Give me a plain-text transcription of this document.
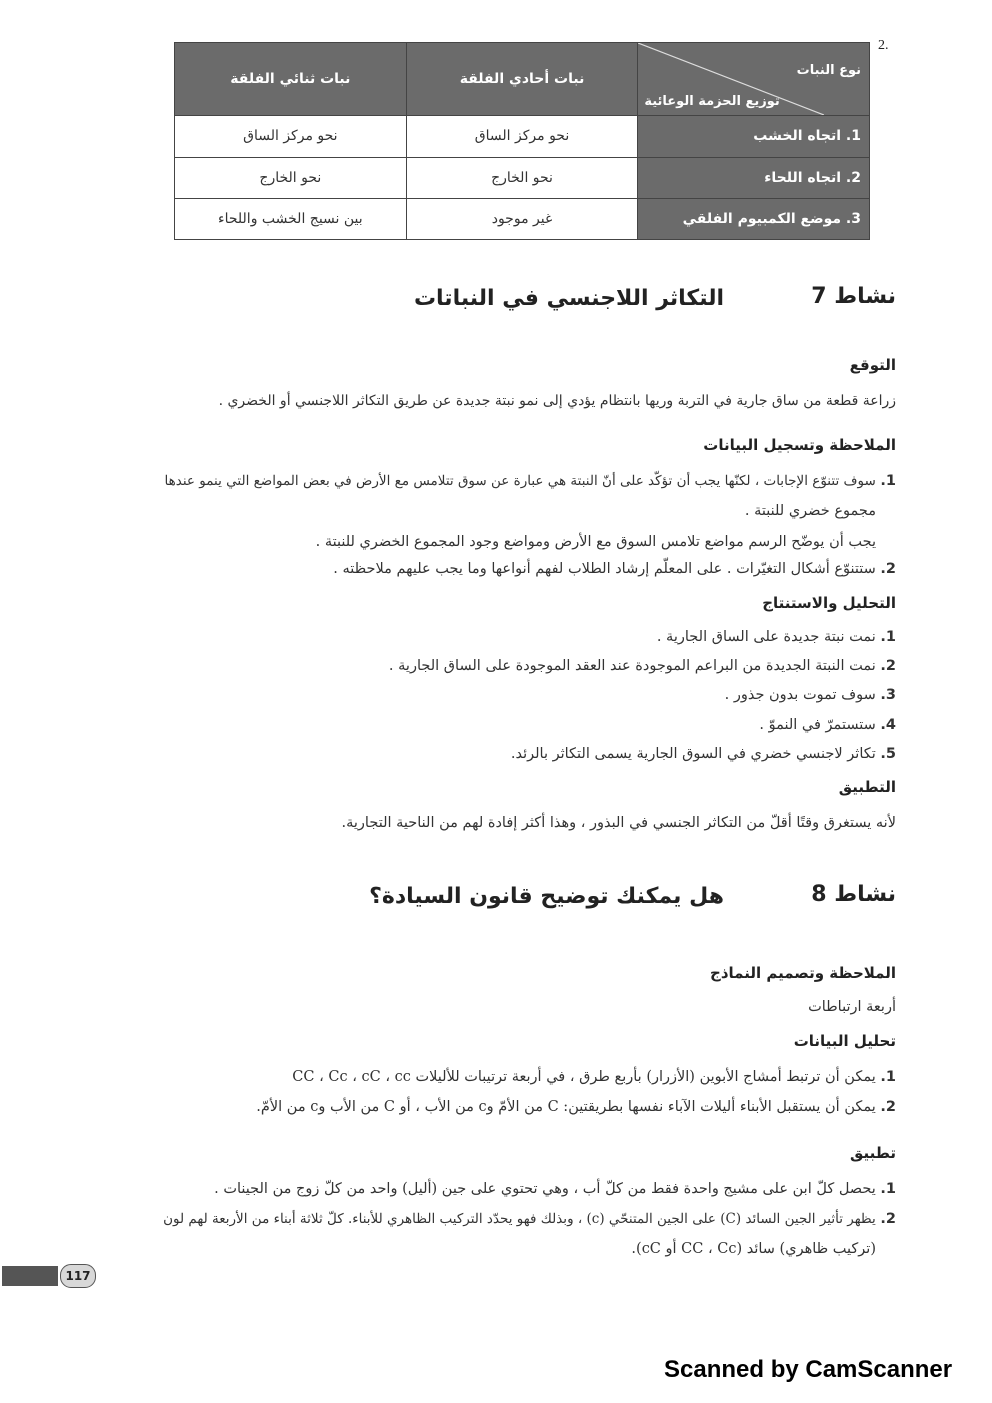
2.
نوع النبات
توزيع الحزمة الوعائية	نبات أحادي الفلقة	نبات ثنائي الفلقة
1. اتجاه الخشب	نحو مركز الساق	نحو مركز الساق
2. اتجاه اللحاء	نحو الخارج	نحو الخارج
3. موضع الكمبيوم الفلقي	غير موجود	بين نسيج الخشب واللحاء
نشاط 7
التكاثر اللاجنسي في النباتات
التوقع
زراعة قطعة من ساق جارية في التربة وريها بانتظام يؤدي إلى نمو نبتة جديدة عن طريق التكاثر اللاجنسي أو الخضري .
الملاحظة وتسجيل البيانات
1. سوف تتنوّع الإجابات ، لكنّها يجب أن تؤكّد على أنّ النبتة هي عبارة عن سوق تتلامس مع الأرض في بعض المواضع التي ينمو عندها
مجموع خضري للنبتة .
يجب أن يوضّح الرسم مواضع تلامس السوق مع الأرض ومواضع وجود المجموع الخضري للنبتة .
2. ستتنوّع أشكال التغيّرات . على المعلّم إرشاد الطلاب لفهم أنواعها وما يجب عليهم ملاحظته .
التحليل والاستنتاج
1. نمت نبتة جديدة على الساق الجارية .
2. نمت النبتة الجديدة من البراعم الموجودة عند العقد الموجودة على الساق الجارية .
3. سوف تموت بدون جذور .
4. ستستمرّ في النموّ .
5. تكاثر لاجنسي خضري في السوق الجارية يسمى التكاثر بالرئد.
التطبيق
لأنه يستغرق وقتًا أقلّ من التكاثر الجنسي في البذور ، وهذا أكثر إفادة لهم من الناحية التجارية.
نشاط 8
هل يمكنك توضيح قانون السيادة؟
الملاحظة وتصميم النماذج
أربعة ارتباطات
تحليل البيانات
1. يمكن أن ترتبط أمشاج الأبوين (الأزرار) بأربع طرق ، في أربعة ترتيبات للأليلات CC ، Cc ، cC ، cc
2. يمكن أن يستقبل الأبناء أليلات الآباء نفسها بطريقتين: C من الأمّ وc من الأب ، أو C من الأب وc من الأمّ.
تطبيق
1. يحصل كلّ ابن على مشيج واحدة فقط من كلّ أب ، وهي تحتوي على جين (أليل) واحد من كلّ زوج من الجينات .
2. يظهر تأثير الجين السائد (C) على الجين المتنحّي (c) ، وبذلك فهو يحدّد التركيب الظاهري للأبناء. كلّ ثلاثة أبناء من الأربعة لهم لون
(تركيب ظاهري) سائد (CC ، Cc أو cC).
117
Scanned by CamScanner
